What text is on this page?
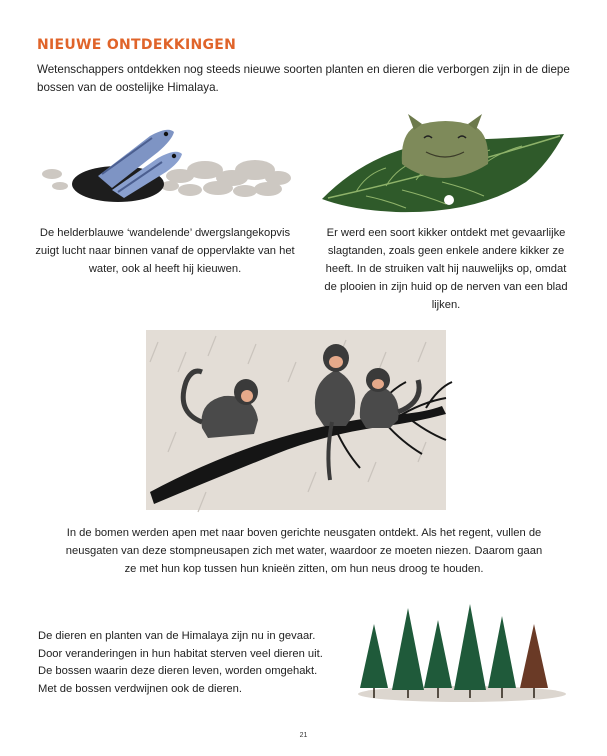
NIEUWE ONTDEKKINGEN

Wetenschappers ontdekken nog steeds nieuwe soorten planten en dieren die verborgen zijn in de diepe bossen van de oostelijke Himalaya.

De helderblauwe ‘wandelende’ dwergslangekopvis zuigt lucht naar binnen vanaf de oppervlakte van het water, ook al heeft hij kieuwen.

Er werd een soort kikker ontdekt met gevaarlijke slagtanden, zoals geen enkele andere kikker ze heeft. In de struiken valt hij nauwelijks op, omdat de plooien in zijn huid op de nerven van een blad lijken.

In de bomen werden apen met naar boven gerichte neusgaten ontdekt. Als het regent, vullen de neusgaten van deze stompneusapen zich met water, waardoor ze moeten niezen. Daarom gaan ze met hun kop tussen hun knieën zitten, om hun neus droog te houden.

De dieren en planten van de Himalaya zijn nu in gevaar. Door veranderingen in hun habitat sterven veel dieren uit. De bossen waarin deze dieren leven, worden omgehakt. Met de bossen verdwijnen ook de dieren.

21
